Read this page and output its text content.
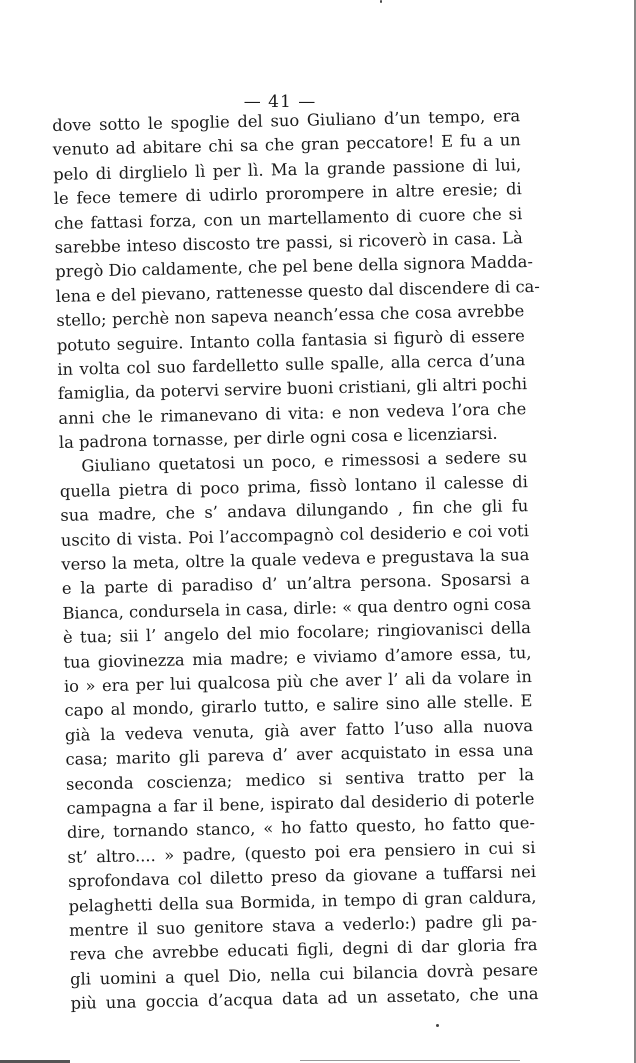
— 41 —
dove sotto le spoglie del suo Giuliano d’un tempo, era
venuto ad abitare chi sa che gran peccatore! E fu a un
pelo di dirglielo lì per lì. Ma la grande passione di lui,
le fece temere di udirlo prorompere in altre eresie; di
che fattasi forza, con un martellamento di cuore che si
sarebbe inteso discosto tre passi, si ricoverò in casa. Là
pregò Dio caldamente, che pel bene della signora Madda-
lena e del pievano, rattenesse questo dal discendere di ca-
stello; perchè non sapeva neanch’essa che cosa avrebbe
potuto seguire. Intanto colla fantasia si figurò di essere
in volta col suo fardelletto sulle spalle, alla cerca d’una
famiglia, da potervi servire buoni cristiani, gli altri pochi
anni che le rimanevano di vita: e non vedeva l’ora che
la padrona tornasse, per dirle ogni cosa e licenziarsi.
Giuliano quetatosi un poco, e rimessosi a sedere su
quella pietra di poco prima, fissò lontano il calesse di
sua madre, che s’ andava dilungando , fin che gli fu
uscito di vista. Poi l’accompagnò col desiderio e coi voti
verso la meta, oltre la quale vedeva e pregustava la sua
e la parte di paradiso d’ un’altra persona. Sposarsi a
Bianca, condursela in casa, dirle: « qua dentro ogni cosa
è tua; sii l’ angelo del mio focolare; ringiovanisci della
tua giovinezza mia madre; e viviamo d’amore essa, tu,
io » era per lui qualcosa più che aver l’ ali da volare in
capo al mondo, girarlo tutto, e salire sino alle stelle. E
già la vedeva venuta, già aver fatto l’uso alla nuova
casa; marito gli pareva d’ aver acquistato in essa una
seconda coscienza; medico si sentiva tratto per la
campagna a far il bene, ispirato dal desiderio di poterle
dire, tornando stanco, « ho fatto questo, ho fatto que-
st’ altro.... » padre, (questo poi era pensiero in cui si
sprofondava col diletto preso da giovane a tuffarsi nei
pelaghetti della sua Bormida, in tempo di gran caldura,
mentre il suo genitore stava a vederlo:) padre gli pa-
reva che avrebbe educati figli, degni di dar gloria fra
gli uomini a quel Dio, nella cui bilancia dovrà pesare
più una goccia d’acqua data ad un assetato, che una
